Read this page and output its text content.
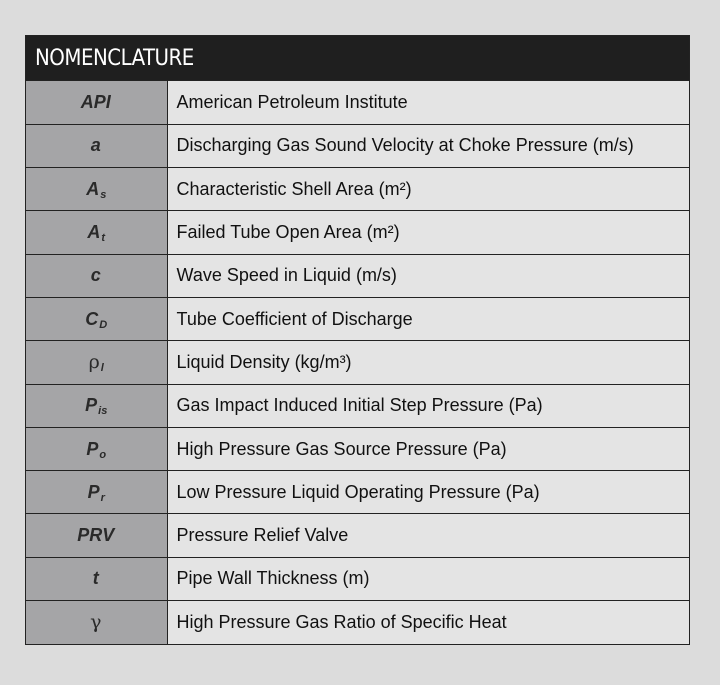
NOMENCLATURE
API	American Petroleum Institute
a	Discharging Gas Sound Velocity at Choke Pressure (m/s)
$A_s$	Characteristic Shell Area (m²)
$A_t$	Failed Tube Open Area (m²)
c	Wave Speed in Liquid (m/s)
$C_D$	Tube Coefficient of Discharge
$\rho_l$	Liquid Density (kg/m³)
$P_{is}$	Gas Impact Induced Initial Step Pressure (Pa)
$P_o$	High Pressure Gas Source Pressure (Pa)
$P_r$	Low Pressure Liquid Operating Pressure (Pa)
PRV	Pressure Relief Valve
t	Pipe Wall Thickness (m)
γ	High Pressure Gas Ratio of Specific Heat
